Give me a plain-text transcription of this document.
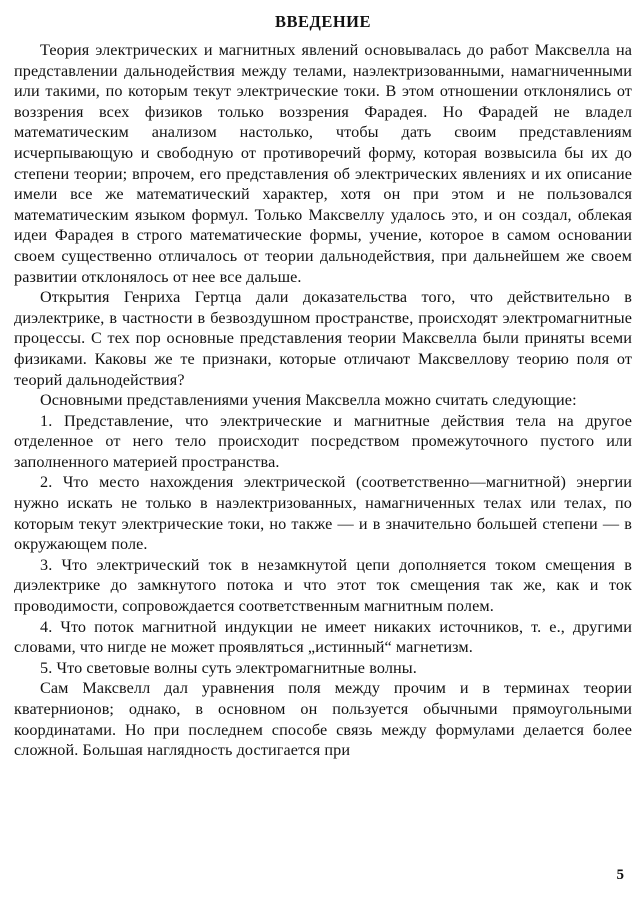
ВВЕДЕНИЕ

Теория электрических и магнитных явлений основывалась до работ Максвелла на представлении дальнодействия между телами, наэлектризованными, намагниченными или такими, по которым текут электрические токи. В этом отношении отклонялись от воззрения всех физиков только воззрения Фарадея. Но Фарадей не владел математическим анализом настолько, чтобы дать своим представлениям исчерпывающую и свободную от противоречий форму, которая возвысила бы их до степени теории; впрочем, его представления об электрических явлениях и их описание имели все же математический характер, хотя он при этом и не пользовался математическим языком формул. Только Максвеллу удалось это, и он создал, облекая идеи Фарадея в строго математические формы, учение, которое в самом основании своем существенно отличалось от теории дальнодействия, при дальнейшем же своем развитии отклонялось от нее все дальше.

Открытия Генриха Гертца дали доказательства того, что действительно в диэлектрике, в частности в безвоздушном пространстве, происходят электромагнитные процессы. С тех пор основные представления теории Максвелла были приняты всеми физиками. Каковы же те признаки, которые отличают Максвеллову теорию поля от теорий дальнодействия?

Основными представлениями учения Максвелла можно считать следующие:

1. Представление, что электрические и магнитные действия тела на другое отделенное от него тело происходит посредством промежуточного пустого или заполненного материей пространства.

2. Что место нахождения электрической (соответственно—магнитной) энергии нужно искать не только в наэлектризованных, намагниченных телах или телах, по которым текут электрические токи, но также — и в значительно большей степени — в окружающем поле.

3. Что электрический ток в незамкнутой цепи дополняется током смещения в диэлектрике до замкнутого потока и что этот ток смещения так же, как и ток проводимости, сопровождается соответственным магнитным полем.

4. Что поток магнитной индукции не имеет никаких источников, т. е., другими словами, что нигде не может проявляться „истинный“ магнетизм.

5. Что световые волны суть электромагнитные волны.

Сам Максвелл дал уравнения поля между прочим и в терминах теории кватернионов; однако, в основном он пользуется обычными прямоугольными координатами. Но при последнем способе связь между формулами делается более сложной. Большая наглядность достигается при

5
